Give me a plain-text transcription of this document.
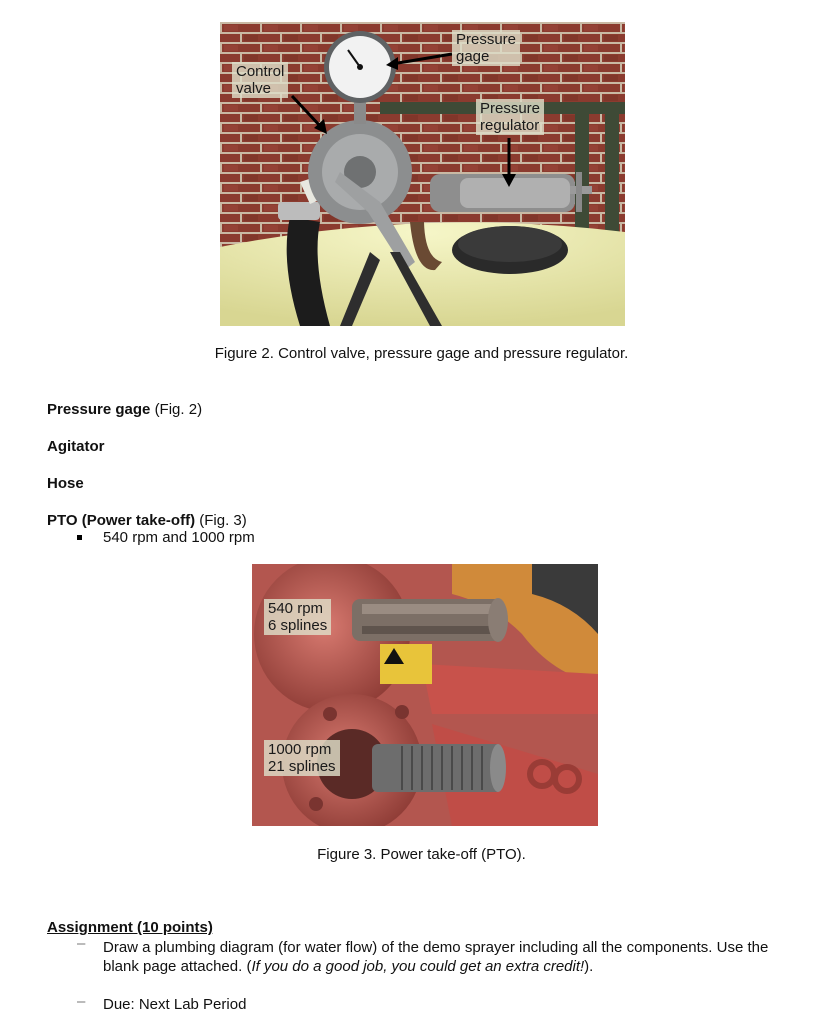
Pressure
gage
Control
valve
Pressure
regulator
Figure 2. Control valve, pressure gage and pressure regulator.
Pressure gage (Fig. 2)
Agitator
Hose
PTO (Power take-off) (Fig. 3)
540 rpm and 1000 rpm
540 rpm
6 splines
1000 rpm
21 splines
Figure 3. Power take-off (PTO).
Assignment (10 points)
– Draw a plumbing diagram (for water flow) of the demo sprayer including all the components. Use the blank page attached. (If you do a good job, you could get an extra credit!).
– Due: Next Lab Period
